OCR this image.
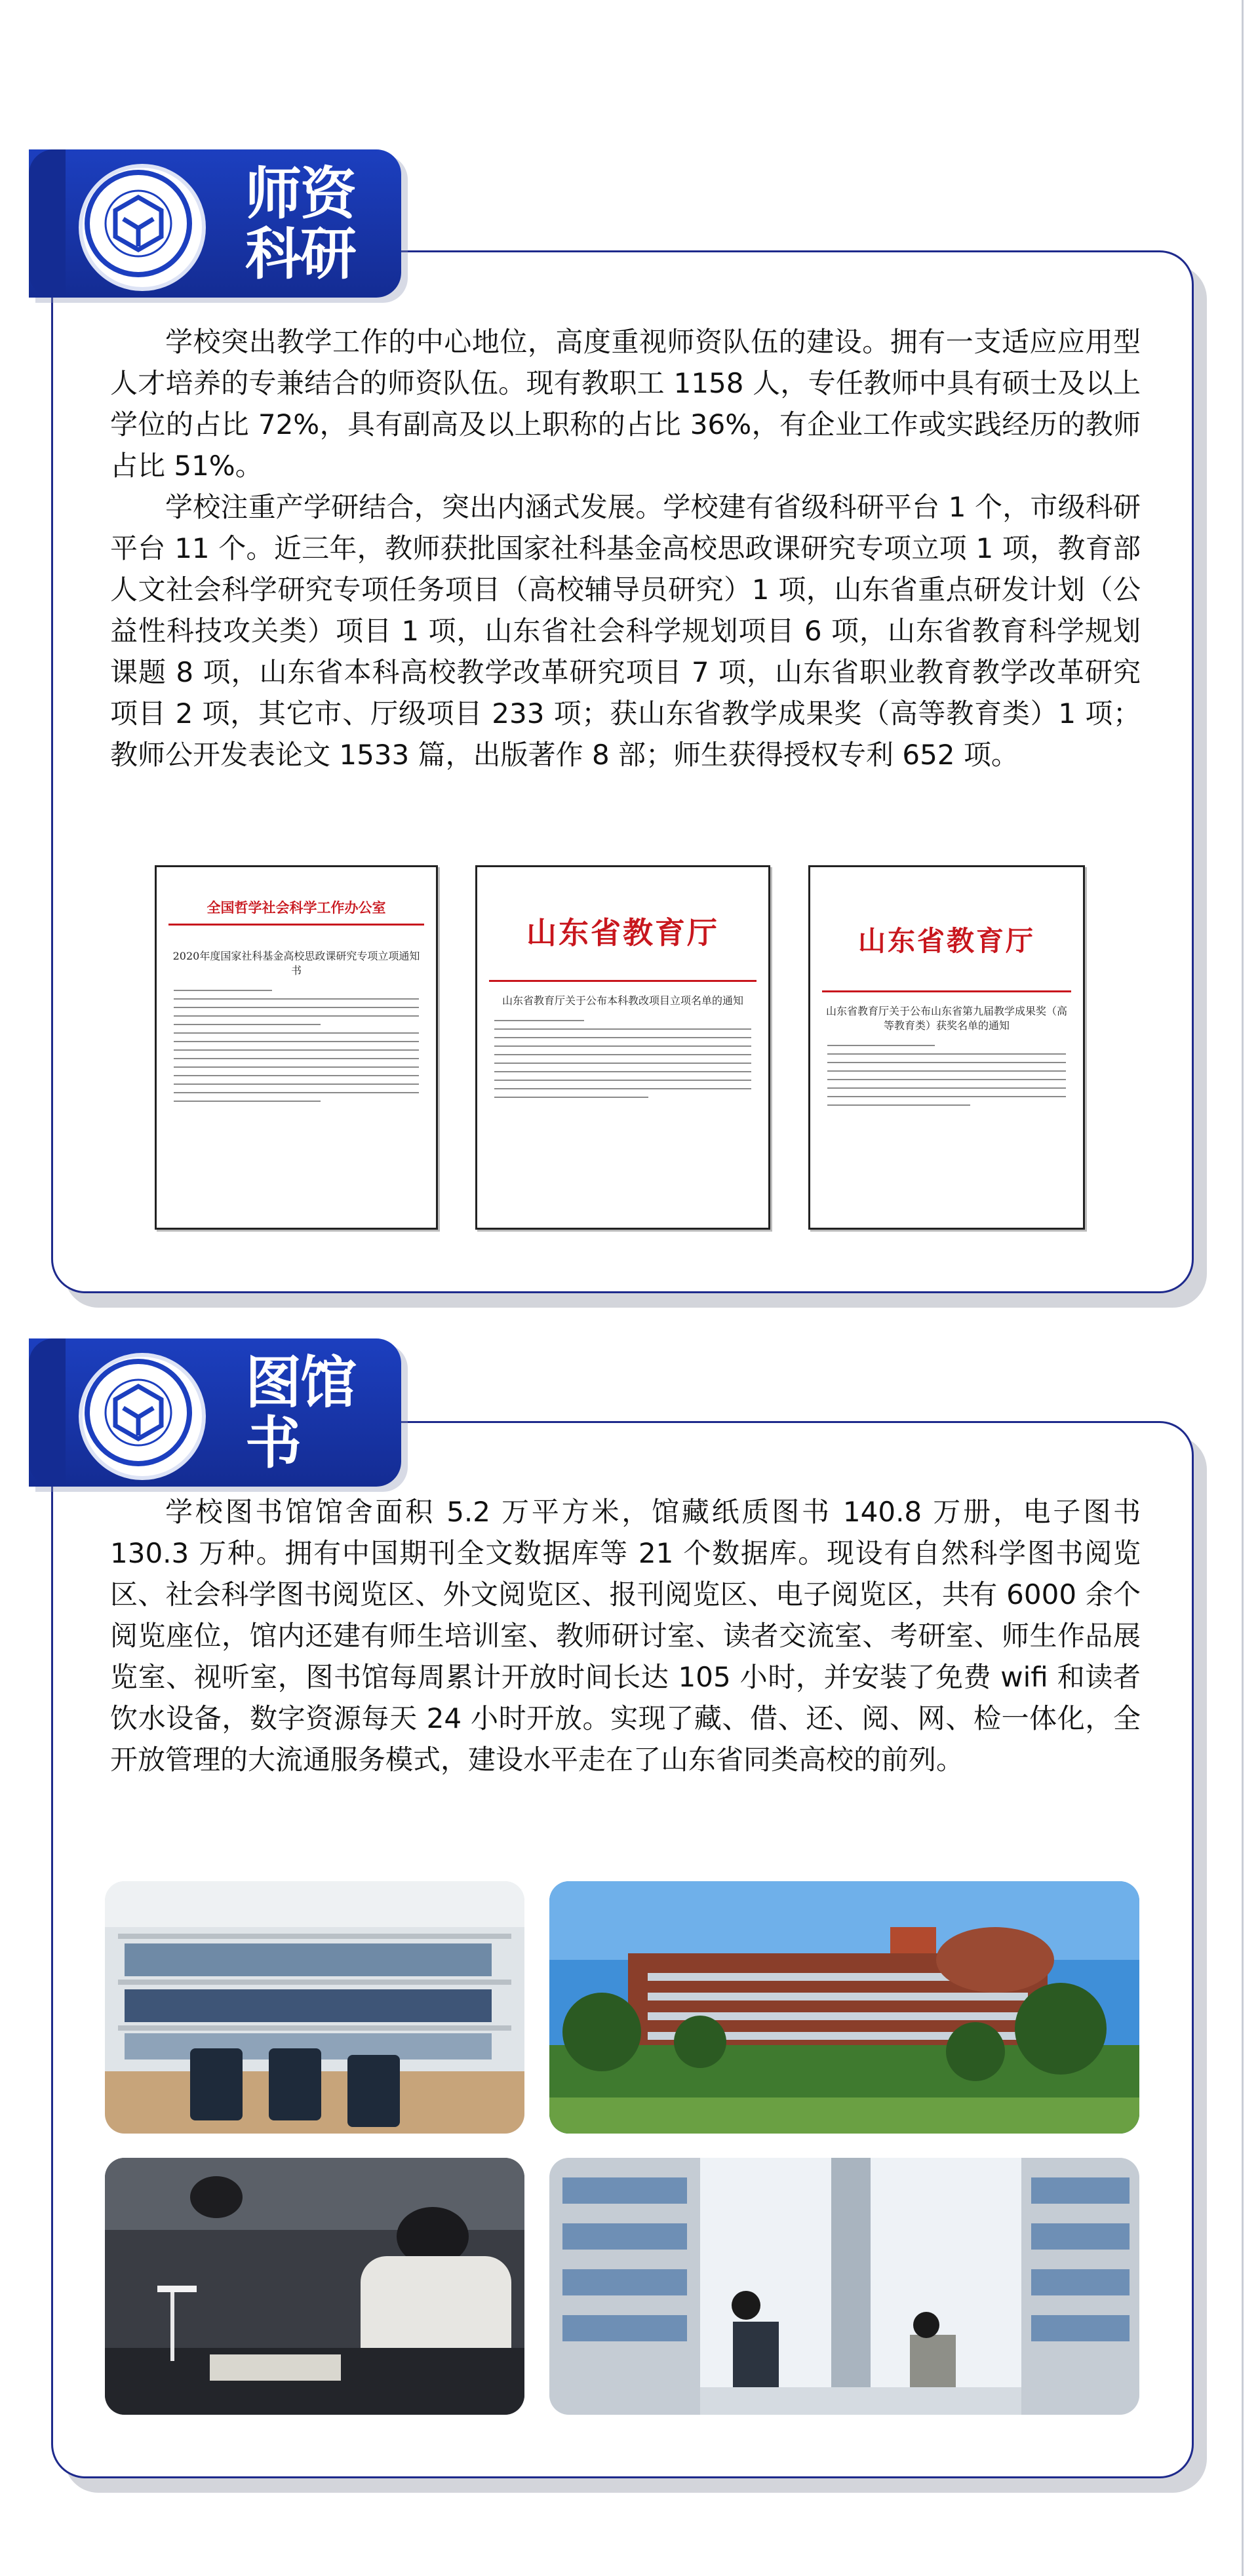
师资
科研

学校突出教学工作的中心地位，高度重视师资队伍的建设。拥有一支适应应用型人才培养的专兼结合的师资队伍。现有教职工 1158 人，专任教师中具有硕士及以上学位的占比 72%，具有副高及以上职称的占比 36%，有企业工作或实践经历的教师占比 51%。

学校注重产学研结合，突出内涵式发展。学校建有省级科研平台 1 个，市级科研平台 11 个。近三年，教师获批国家社科基金高校思政课研究专项立项 1 项，教育部人文社会科学研究专项任务项目（高校辅导员研究）1 项，山东省重点研发计划（公益性科技攻关类）项目 1 项，山东省社会科学规划项目 6 项，山东省教育科学规划课题 8 项，山东省本科高校教学改革研究项目 7 项，山东省职业教育教学改革研究项目 2 项，其它市、厅级项目 233 项；获山东省教学成果奖（高等教育类）1 项；教师公开发表论文 1533 篇，出版著作 8 部；师生获得授权专利 652 项。

全国哲学社会科学工作办公室
2020年度国家社科基金高校思政课研究专项立项通知书
山东省教育厅
山东省教育厅关于公布本科教改项目立项名单的通知
山东省教育厅
山东省教育厅关于公布山东省第九届教学成果奖（高等教育类）获奖名单的通知
图馆
书

学校图书馆馆舍面积 5.2 万平方米，馆藏纸质图书 140.8 万册，电子图书 130.3 万种。拥有中国期刊全文数据库等 21 个数据库。现设有自然科学图书阅览区、社会科学图书阅览区、外文阅览区、报刊阅览区、电子阅览区，共有 6000 余个阅览座位，馆内还建有师生培训室、教师研讨室、读者交流室、考研室、师生作品展览室、视听室，图书馆每周累计开放时间长达 105 小时，并安装了免费 wifi 和读者饮水设备，数字资源每天 24 小时开放。实现了藏、借、还、阅、网、检一体化，全开放管理的大流通服务模式，建设水平走在了山东省同类高校的前列。
